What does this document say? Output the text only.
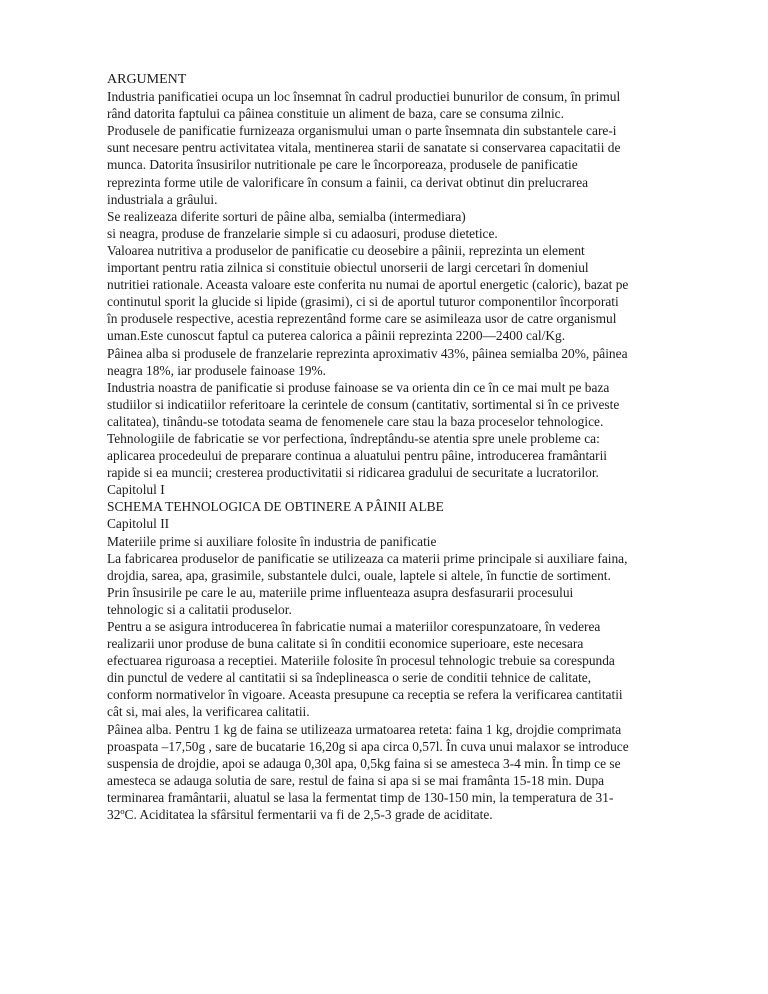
ARGUMENT
Industria panificatiei ocupa un loc însemnat în cadrul productiei bunurilor de consum, în primul
rând datorita faptului ca pâinea constituie un aliment de baza, care se consuma zilnic.
Produsele de panificatie furnizeaza organismului uman o parte însemnata din substantele care-i
sunt necesare pentru activitatea vitala, mentinerea starii de sanatate si conservarea capacitatii de
munca. Datorita însusirilor nutritionale pe care le încorporeaza, produsele de panificatie
reprezinta forme utile de valorificare în consum a fainii, ca derivat obtinut din prelucrarea
industriala a grâului.
Se realizeaza diferite sorturi de pâine alba, semialba (intermediara)
si neagra, produse de franzelarie simple si cu adaosuri, produse dietetice.
Valoarea nutritiva a produselor de panificatie cu deosebire a pâinii, reprezinta un element
important pentru ratia zilnica si constituie obiectul unorserii de largi cercetari în domeniul
nutritiei rationale. Aceasta valoare este conferita nu numai de aportul energetic (caloric), bazat pe
continutul sporit la glucide si lipide (grasimi), ci si de aportul tuturor componentilor încorporati
în produsele respective, acestia reprezentând forme care se asimileaza usor de catre organismul
uman.Este cunoscut faptul ca puterea calorica a pâinii reprezinta 2200—2400 cal/Kg.
Pâinea alba si produsele de franzelarie reprezinta aproximativ 43%, pâinea semialba 20%, pâinea
neagra 18%, iar produsele fainoase 19%.
Industria noastra de panificatie si produse fainoase se va orienta din ce în ce mai mult pe baza
studiilor si indicatiilor referitoare la cerintele de consum (cantitativ, sortimental si în ce priveste
calitatea), tinându-se totodata seama de fenomenele care stau la baza proceselor tehnologice.
Tehnologiile de fabricatie se vor perfectiona, îndreptându-se atentia spre unele probleme ca:
aplicarea procedeului de preparare continua a aluatului pentru pâine, introducerea framântarii
rapide si ea muncii; cresterea productivitatii si ridicarea gradului de securitate a lucratorilor.
Capitolul I
SCHEMA TEHNOLOGICA DE OBTINERE A PÂINII ALBE
Capitolul II
Materiile prime si auxiliare folosite în industria de panificatie
La fabricarea produselor de panificatie se utilizeaza ca materii prime principale si auxiliare faina,
drojdia, sarea, apa, grasimile, substantele dulci, ouale, laptele si altele, în functie de sortiment.
Prin însusirile pe care le au, materiile prime influenteaza asupra desfasurarii procesului
tehnologic si a calitatii produselor.
Pentru a se asigura introducerea în fabricatie numai a materiilor corespunzatoare, în vederea
realizarii unor produse de buna calitate si în conditii economice superioare, este necesara
efectuarea riguroasa a receptiei. Materiile folosite în procesul tehnologic trebuie sa corespunda
din punctul de vedere al cantitatii si sa îndeplineasca o serie de conditii tehnice de calitate,
conform normativelor în vigoare. Aceasta presupune ca receptia se refera la verificarea cantitatii
cât si, mai ales, la verificarea calitatii.
Pâinea alba. Pentru 1 kg de faina se utilizeaza urmatoarea reteta: faina 1 kg, drojdie comprimata
proaspata –17,50g , sare de bucatarie 16,20g si apa circa 0,57l. În cuva unui malaxor se introduce
suspensia de drojdie, apoi se adauga 0,30l apa, 0,5kg faina si se amesteca 3-4 min. În timp ce se
amesteca se adauga solutia de sare, restul de faina si apa si se mai framânta 15-18 min. Dupa
terminarea framântarii, aluatul se lasa la fermentat timp de 130-150 min, la temperatura de 31-
32ºC. Aciditatea la sfârsitul fermentarii va fi de 2,5-3 grade de aciditate.
